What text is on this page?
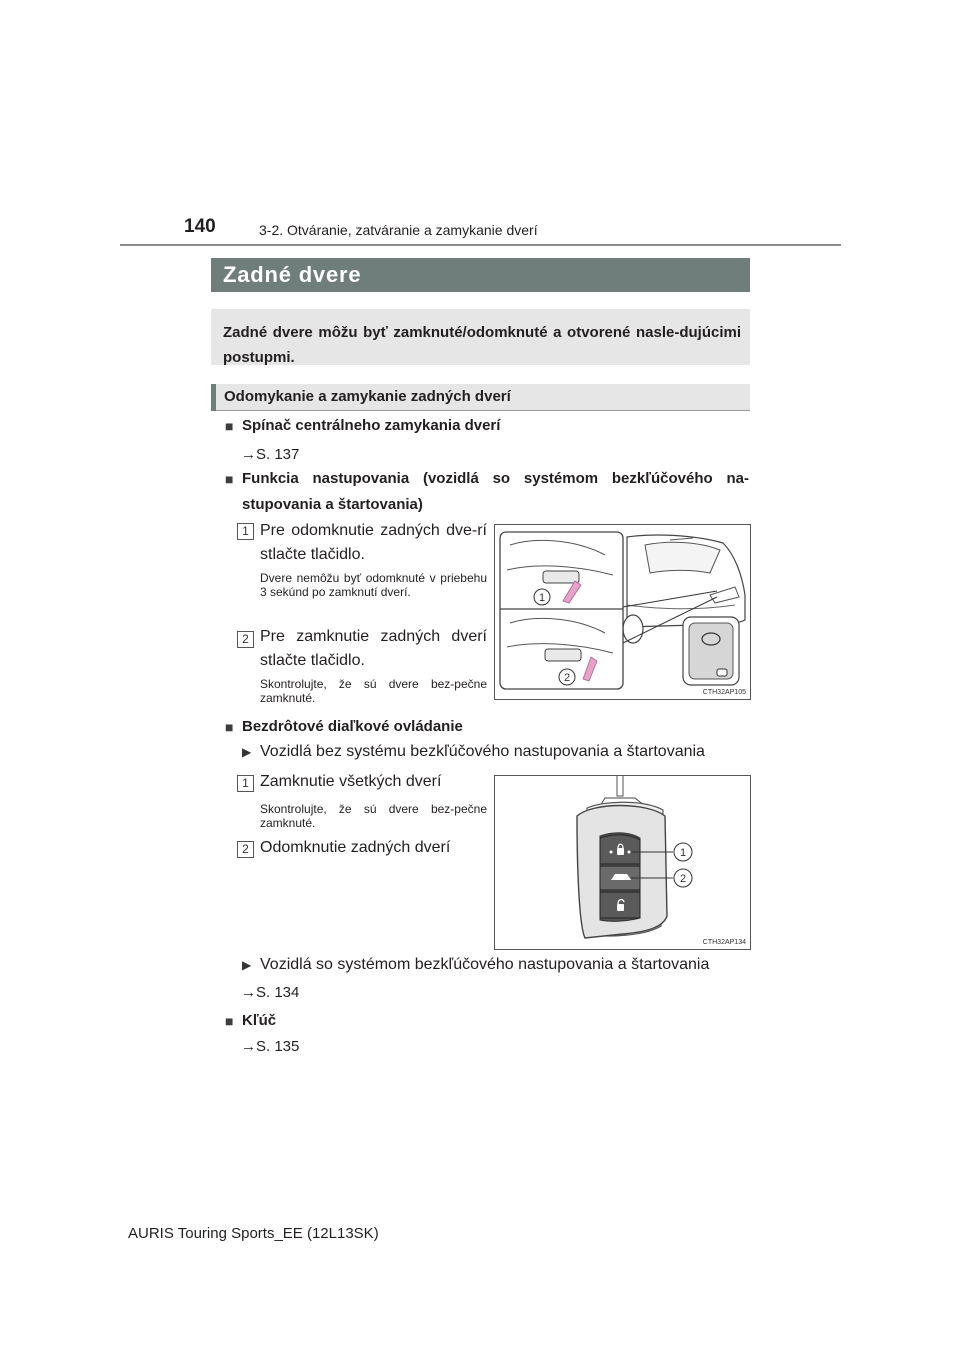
140	3-2. Otváranie, zatváranie a zamykanie dverí
Zadné dvere
Zadné dvere môžu byť zamknuté/odomknuté a otvorené nasle-dujúcimi postupmi.
Odomykanie a zamykanie zadných dverí
■ Spínač centrálneho zamykania dverí
→S. 137
■ Funkcia nastupovania (vozidlá so systémom bezkľúčového na-stupovania a štartovania)
1 Pre odomknutie zadných dve-rí stlačte tlačidlo.
Dvere nemôžu byť odomknuté v priebehu 3 sekúnd po zamknutí dverí.
2 Pre zamknutie zadných dverí stlačte tlačidlo.
Skontrolujte, že sú dvere bez-pečne zamknuté.
1
2
CTH32AP105
■ Bezdrôtové diaľkové ovládanie
▶ Vozidlá bez systému bezkľúčového nastupovania a štartovania
1 Zamknutie všetkých dverí
Skontrolujte, že sú dvere bez-pečne zamknuté.
2 Odomknutie zadných dverí	1
2
CTH32AP134
▶ Vozidlá so systémom bezkľúčového nastupovania a štartovania
→S. 134
■ Kľúč
→S. 135
AURIS Touring Sports_EE (12L13SK)
